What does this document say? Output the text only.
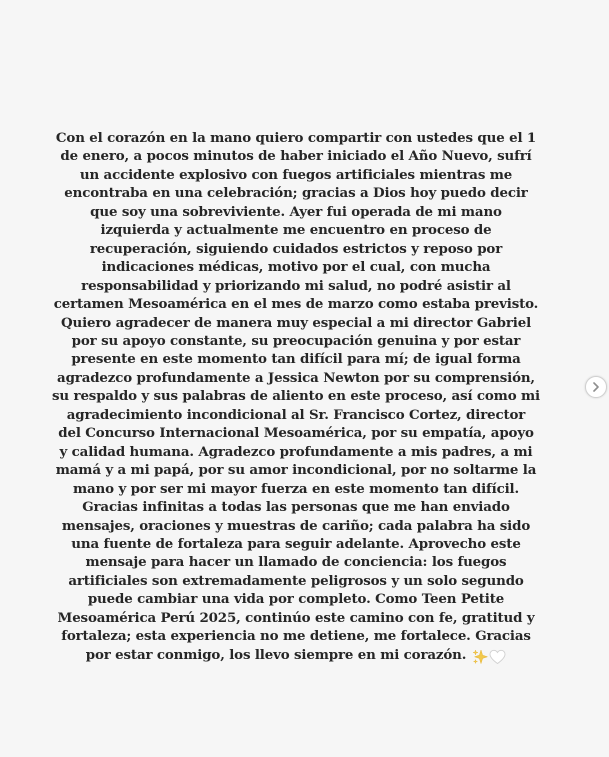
Con el corazón en la mano quiero compartir con ustedes que el 1
de enero, a pocos minutos de haber iniciado el Año Nuevo, sufrí
un accidente explosivo con fuegos artificiales mientras me
encontraba en una celebración; gracias a Dios hoy puedo decir
que soy una sobreviviente. Ayer fui operada de mi mano
izquierda y actualmente me encuentro en proceso de
recuperación, siguiendo cuidados estrictos y reposo por
indicaciones médicas, motivo por el cual, con mucha
responsabilidad y priorizando mi salud, no podré asistir al
certamen Mesoamérica en el mes de marzo como estaba previsto.
Quiero agradecer de manera muy especial a mi director Gabriel
por su apoyo constante, su preocupación genuina y por estar
presente en este momento tan difícil para mí; de igual forma
agradezco profundamente a Jessica Newton por su comprensión,
su respaldo y sus palabras de aliento en este proceso, así como mi
agradecimiento incondicional al Sr. Francisco Cortez, director
del Concurso Internacional Mesoamérica, por su empatía, apoyo
y calidad humana. Agradezco profundamente a mis padres, a mi
mamá y a mi papá, por su amor incondicional, por no soltarme la
mano y por ser mi mayor fuerza en este momento tan difícil.
Gracias infinitas a todas las personas que me han enviado
mensajes, oraciones y muestras de cariño; cada palabra ha sido
una fuente de fortaleza para seguir adelante. Aprovecho este
mensaje para hacer un llamado de conciencia: los fuegos
artificiales son extremadamente peligrosos y un solo segundo
puede cambiar una vida por completo. Como Teen Petite
Mesoamérica Perú 2025, continúo este camino con fe, gratitud y
fortaleza; esta experiencia no me detiene, me fortalece. Gracias
por estar conmigo, los llevo siempre en mi corazón.
